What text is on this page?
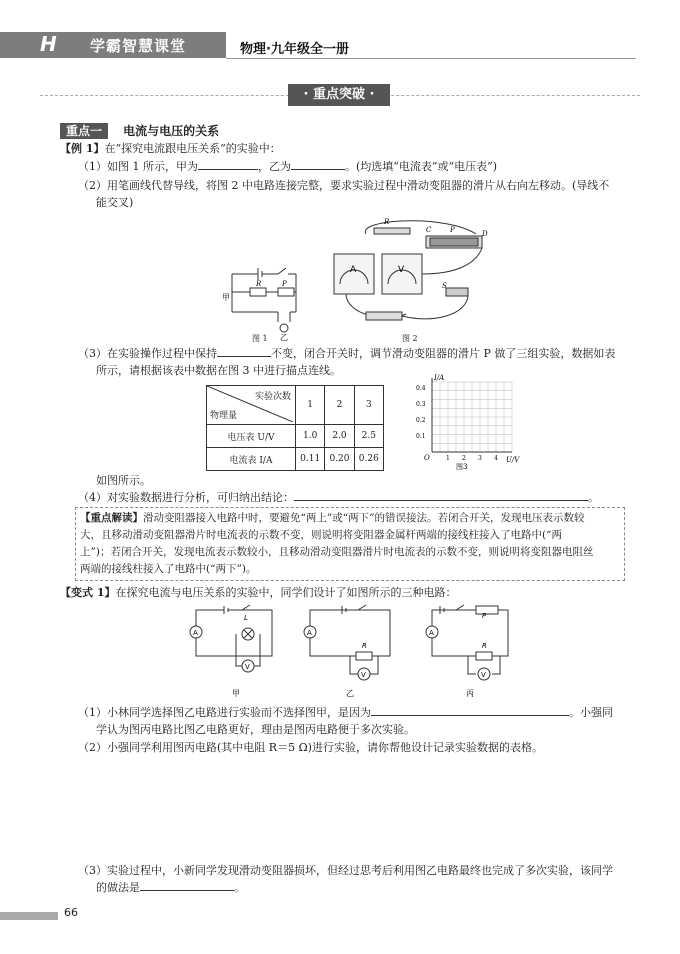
H 学霸智慧课堂	物理·九年级全一册
· 重点突破 ·
重点一 电流与电压的关系
【例 1】在“探究电流跟电压关系”的实验中：
（1）如图 1 所示，甲为	，乙为	。(均选填“电流表”或“电压表”)
（2）用笔画线代替导线，将图 2 中电路连接完整，要求实验过程中滑动变阻器的滑片从右向左移动。(导线不
能交叉)
甲
乙
R	P
图 1
A	V
R
P
C	D
S
图 2
（3）在实验操作过程中保持	不变，闭合开关时，调节滑动变阻器的滑片 P 做了三组实验，数据如表
所示，请根据该表中数据在图 3 中进行描点连线。
实验次数
物理量	1	2	3
电压表 U/V	1.0	2.0	2.5
电流表 I/A	0.11	0.20	0.26
I/A
U/V
O
0.4
0.3
0.2
0.1
1 2 3 4
图3
如图所示。
（4）对实验数据进行分析，可归纳出结论：	。
【重点解读】滑动变阻器接入电路中时，要避免“两上”或“两下”的错误接法。若闭合开关，发现电压表示数较
大，且移动滑动变阻器滑片时电流表的示数不变，则说明将变阻器金属杆两端的接线柱接入了电路中(“两
上”)；若闭合开关，发现电流表示数较小，且移动滑动变阻器滑片时电流表的示数不变，则说明将变阻器电阻丝
两端的接线柱接入了电路中(“两下”)。
【变式 1】在探究电流与电压关系的实验中，同学们设计了如图所示的三种电路：
A
V
A
V
A
V
L
R	R
P
甲	乙	丙
（1）小林同学选择图乙电路进行实验而不选择图甲，是因为	。小强同
学认为图丙电路比图乙电路更好，理由是图丙电路便于多次实验。
（2）小强同学利用图丙电路(其中电阻 R＝5 Ω)进行实验，请你帮他设计记录实验数据的表格。
（3）实验过程中，小新同学发现滑动变阻器损坏，但经过思考后利用图乙电路最终也完成了多次实验，该同学
的做法是	。
66
